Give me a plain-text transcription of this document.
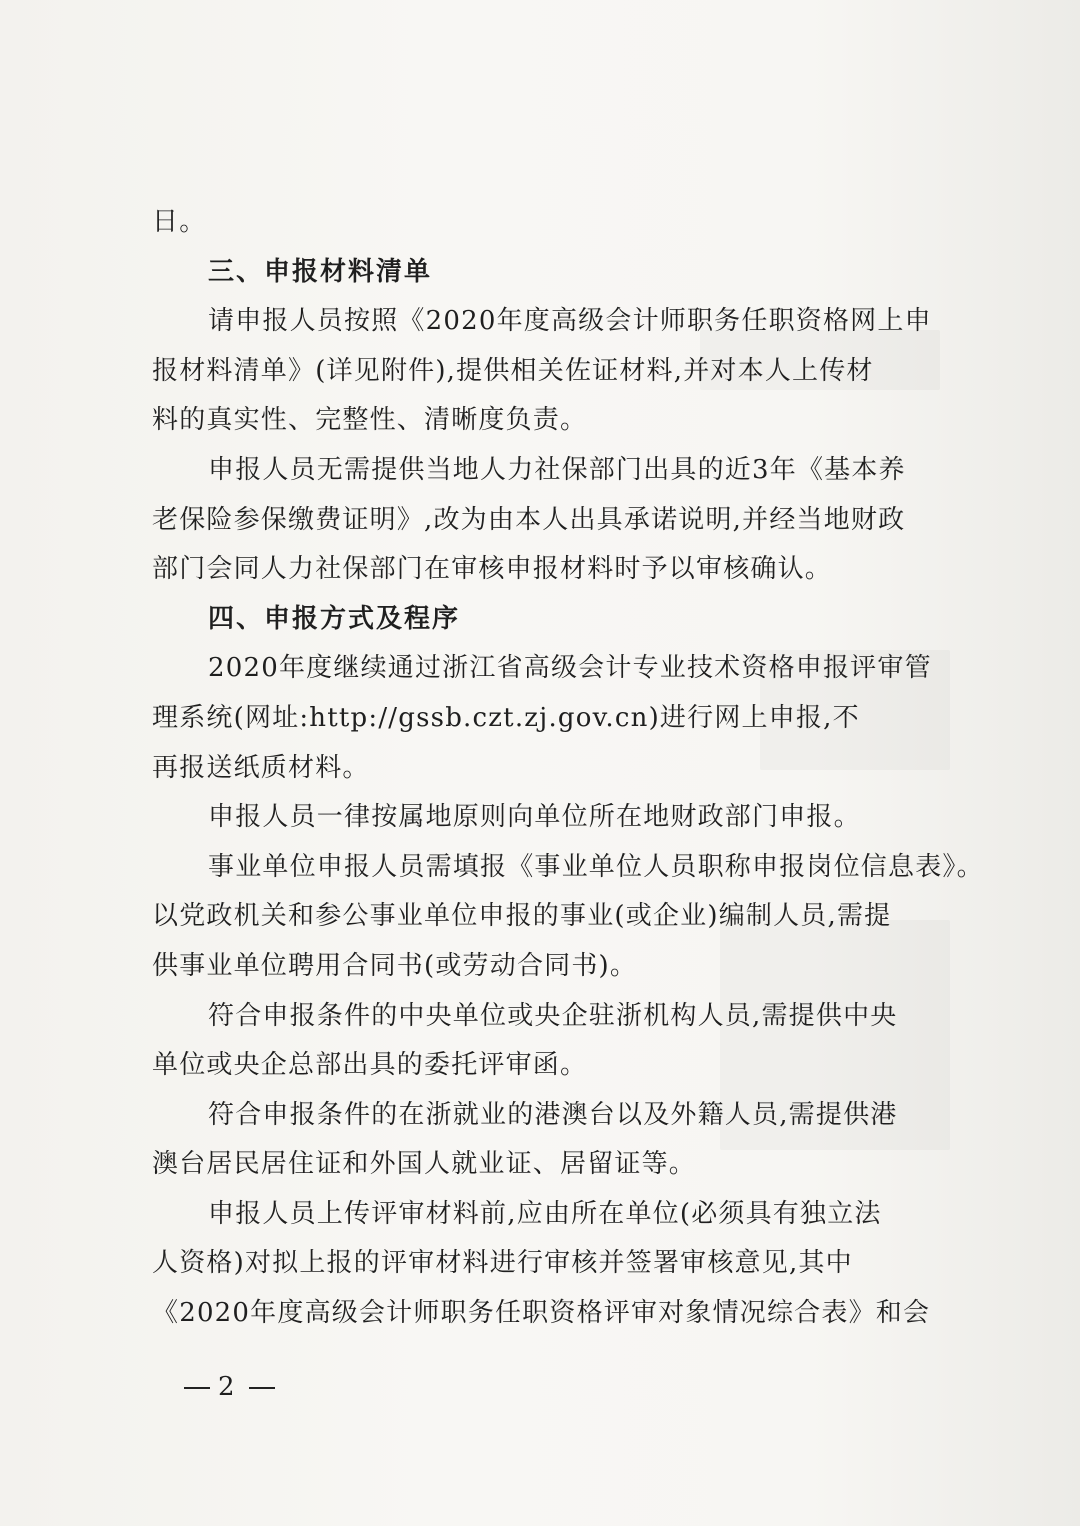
日。
三、申报材料清单
请申报人员按照《2020年度高级会计师职务任职资格网上申
报材料清单》(详见附件),提供相关佐证材料,并对本人上传材
料的真实性、完整性、清晰度负责。
申报人员无需提供当地人力社保部门出具的近3年《基本养
老保险参保缴费证明》,改为由本人出具承诺说明,并经当地财政
部门会同人力社保部门在审核申报材料时予以审核确认。
四、申报方式及程序
2020年度继续通过浙江省高级会计专业技术资格申报评审管
理系统(网址:http://gssb.czt.zj.gov.cn)进行网上申报,不
再报送纸质材料。
申报人员一律按属地原则向单位所在地财政部门申报。
事业单位申报人员需填报《事业单位人员职称申报岗位信息表》。
以党政机关和参公事业单位申报的事业(或企业)编制人员,需提
供事业单位聘用合同书(或劳动合同书)。
符合申报条件的中央单位或央企驻浙机构人员,需提供中央
单位或央企总部出具的委托评审函。
符合申报条件的在浙就业的港澳台以及外籍人员,需提供港
澳台居民居住证和外国人就业证、居留证等。
申报人员上传评审材料前,应由所在单位(必须具有独立法
人资格)对拟上报的评审材料进行审核并签署审核意见,其中
《2020年度高级会计师职务任职资格评审对象情况综合表》和会
2
